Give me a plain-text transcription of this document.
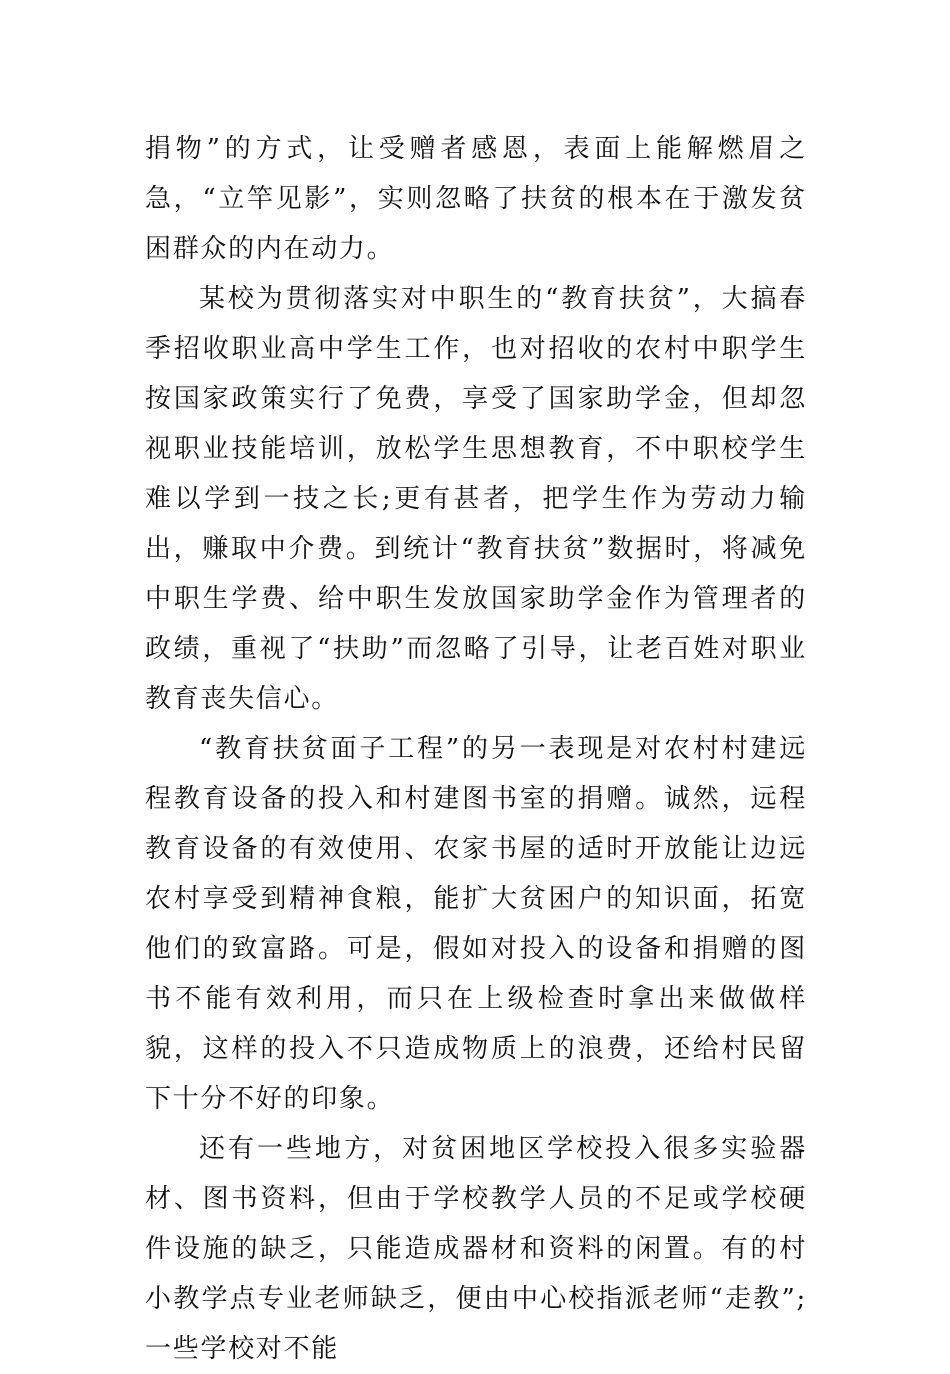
捐物”的方式，让受赠者感恩，表面上能解燃眉之急，“立竿见影”，实则忽略了扶贫的根本在于激发贫困群众的内在动力。

某校为贯彻落实对中职生的“教育扶贫”，大搞春季招收职业高中学生工作，也对招收的农村中职学生按国家政策实行了免费，享受了国家助学金，但却忽视职业技能培训，放松学生思想教育，不中职校学生难以学到一技之长;更有甚者，把学生作为劳动力输出，赚取中介费。到统计“教育扶贫”数据时，将减免中职生学费、给中职生发放国家助学金作为管理者的政绩，重视了“扶助”而忽略了引导，让老百姓对职业教育丧失信心。

“教育扶贫面子工程”的另一表现是对农村村建远程教育设备的投入和村建图书室的捐赠。诚然，远程教育设备的有效使用、农家书屋的适时开放能让边远农村享受到精神食粮，能扩大贫困户的知识面，拓宽他们的致富路。可是，假如对投入的设备和捐赠的图书不能有效利用，而只在上级检查时拿出来做做样貌，这样的投入不只造成物质上的浪费，还给村民留下十分不好的印象。

还有一些地方，对贫困地区学校投入很多实验器材、图书资料，但由于学校教学人员的不足或学校硬件设施的缺乏，只能造成器材和资料的闲置。有的村小教学点专业老师缺乏，便由中心校指派老师“走教”;一些学校对不能
